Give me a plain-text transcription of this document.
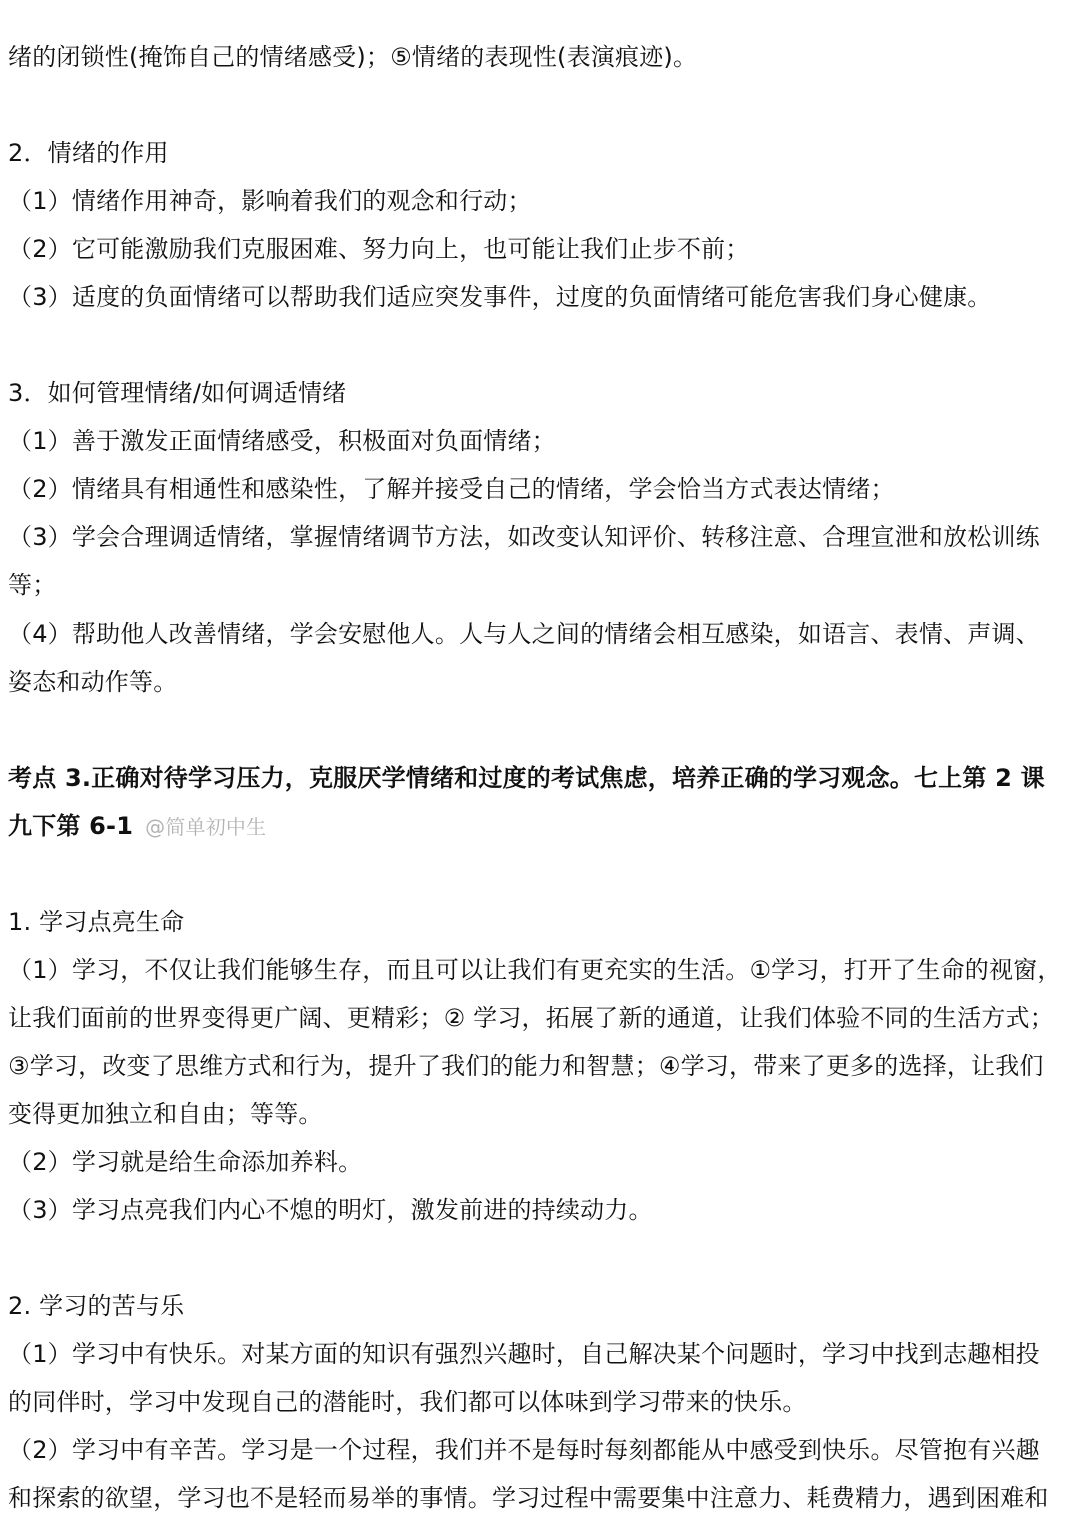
绪的闭锁性(掩饰自己的情绪感受)；⑤情绪的表现性(表演痕迹)。
2．情绪的作用
（1）情绪作用神奇，影响着我们的观念和行动；
（2）它可能激励我们克服困难、努力向上，也可能让我们止步不前；
（3）适度的负面情绪可以帮助我们适应突发事件，过度的负面情绪可能危害我们身心健康。
3．如何管理情绪/如何调适情绪
（1）善于激发正面情绪感受，积极面对负面情绪；
（2）情绪具有相通性和感染性，了解并接受自己的情绪，学会恰当方式表达情绪；
（3）学会合理调适情绪，掌握情绪调节方法，如改变认知评价、转移注意、合理宣泄和放松训练
等；
（4）帮助他人改善情绪，学会安慰他人。人与人之间的情绪会相互感染，如语言、表情、声调、
姿态和动作等。
考点 3.正确对待学习压力，克服厌学情绪和过度的考试焦虑，培养正确的学习观念。七上第 2 课
九下第 6-1 @简单初中生
1. 学习点亮生命
（1）学习，不仅让我们能够生存，而且可以让我们有更充实的生活。①学习，打开了生命的视窗，
让我们面前的世界变得更广阔、更精彩；② 学习，拓展了新的通道，让我们体验不同的生活方式；
③学习，改变了思维方式和行为，提升了我们的能力和智慧；④学习，带来了更多的选择，让我们
变得更加独立和自由；等等。
（2）学习就是给生命添加养料。
（3）学习点亮我们内心不熄的明灯，激发前进的持续动力。
2. 学习的苦与乐
（1）学习中有快乐。对某方面的知识有强烈兴趣时，自己解决某个问题时，学习中找到志趣相投
的同伴时，学习中发现自己的潜能时，我们都可以体味到学习带来的快乐。
（2）学习中有辛苦。学习是一个过程，我们并不是每时每刻都能从中感受到快乐。尽管抱有兴趣
和探索的欲望，学习也不是轻而易举的事情。学习过程中需要集中注意力、耗费精力，遇到困难和
